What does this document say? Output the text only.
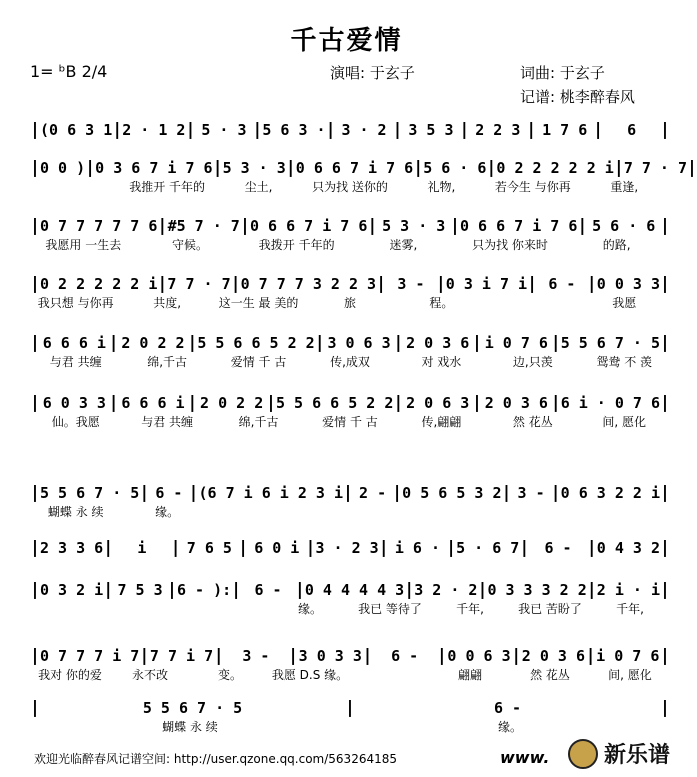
千古爱情
1= ᵇB 2/4	演唱: 于玄子	词曲: 于玄子
记谱: 桃李醉春风
| (0 6 3 1 | 2 · 1 2 | 5 · 3 | 5 6 3 · | 3 · 2 | 3 5 3 | 2 2 3 | 1 7 6 |	6	|
| 0 0 ) | 0 3 6 7 i 7 6 | 5 3 · 3 | 0 6 6 7 i 7 6 | 5 6 · 6 | 0 2 2 2 2 2 i | 7 7 · 7 |
我推开 千年的	尘土,	只为找 送你的	礼物,	若今生 与你再	重逢,
| 0 7 7 7 7 7 6 | #5 7 · 7 | 0 6 6 7 i 7 6 | 5 3 · 3 | 0 6 6 7 i 7 6 | 5 6 · 6 |
我愿用 一生去	守候。	我拨开 千年的	迷雾,	只为找 你来时	的路,
| 0 2 2 2 2 2 i | 7 7 · 7 | 0 7 7 7 3 2 2 3 | 3 - | 0 3 i 7 i | 6 - | 0 0 3 3 |
我只想 与你再	共度,	这一生 最 美的	旅	程。	我愿
| 6 6 6 i | 2 0 2 2 | 5 5 6 6 5 2 2 | 3 0 6 3 | 2 0 3 6 | i 0 7 6 | 5 5 6 7 · 5 |
与君 共缠	绵,千古	爱情 千 古	传,成双	对 戏水	边,只羡	鸳鸯 不 羡
| 6 0 3 3 | 6 6 6 i | 2 0 2 2 | 5 5 6 6 5 2 2 | 2 0 6 3 | 2 0 3 6 | 6 i · 0 7 6 |
仙。我愿	与君 共缠	绵,千古	爱情 千 古	传,翩翩	然 花丛	间, 愿化
| 5 5 6 7 · 5 | 6 - | (6 7 i 6 i 2 3 i | 2 - | 0 5 6 5 3 2 | 3 - | 0 6 3 2 2 i |
蝴蝶 永 续	缘。
| 2 3 3 6 |	i	| 7 6 5 | 6 0 i | 3 · 2 3 | i 6 · | 5 · 6 7 |	6 -	| 0 4 3 2 |
| 0 3 2 i | 7 5 3 | 6 - ): |	6 - | 0 4 4 4 4 3 | 3 2 · 2 | 0 3 3 3 2 2 | 2 i · i |
缘。	我已 等待了	千年,	我已 苦盼了	千年,
| 0 7 7 7 i 7 | 7 7 i 7 |	3 -	| 3 0 3 3 |	6 -	| 0 0 6 3 | 2 0 3 6 | i 0 7 6 |
我对 你的爱	永不改	变。	我愿 D.S 缘。	翩翩	然 花丛	间, 愿化
|	5 5 6 7 · 5	|	6 -	|
蝴蝶 永 续	缘。
欢迎光临醉春风记谱空间: http://user.qzone.qq.com/563264185	www. 新乐谱
